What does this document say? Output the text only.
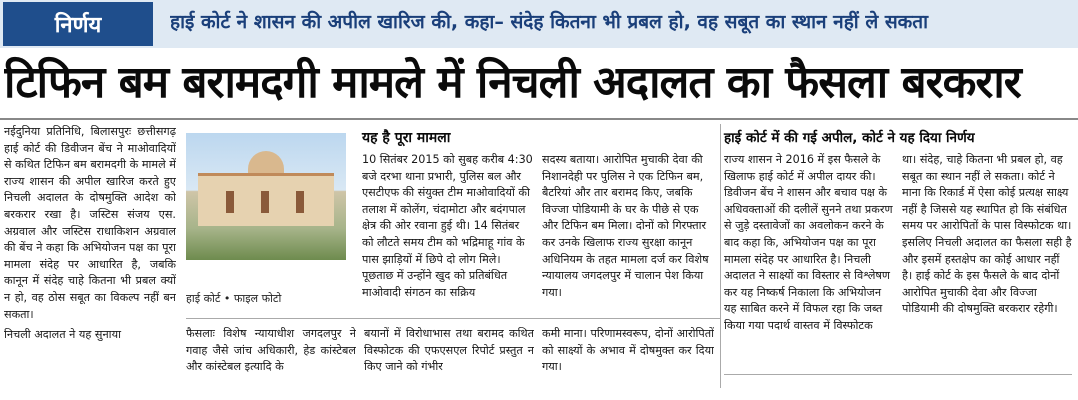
निर्णय	हाई कोर्ट ने शासन की अपील खारिज की, कहा– संदेह कितना भी प्रबल हो, वह सबूत का स्थान नहीं ले सकता
टिफिन बम बरामदगी मामले में निचली अदालत का फैसला बरकरार

नईदुनिया प्रतिनिधि, बिलासपुरः छत्तीसगढ़ हाई कोर्ट की डिवीजन बेंच ने माओवादियों से कथित टिफिन बम बरामदगी के मामले में राज्य शासन की अपील खारिज करते हुए निचली अदालत के दोषमुक्ति आदेश को बरकरार रखा है। जस्टिस संजय एस. अग्रवाल और जस्टिस राधाकिशन अग्रवाल की बेंच ने कहा कि अभियोजन पक्ष का पूरा मामला संदेह पर आधारित है, जबकि कानून में संदेह चाहे कितना भी प्रबल क्यों न हो, वह ठोस सबूत का विकल्प नहीं बन सकता।

निचली अदालत ने यह सुनाया

हाई कोर्ट • फाइल फोटो

फैसलाः विशेष न्यायाधीश जगदलपुर ने गवाह जैसे जांच अधिकारी, हेड कांस्टेबल और कांस्टेबल इत्यादि के

बयानों में विरोधाभास तथा बरामद कथित विस्फोटक की एफएसएल रिपोर्ट प्रस्तुत न किए जाने को गंभीर

यह है पूरा मामला

10 सितंबर 2015 को सुबह करीब 4:30 बजे दरभा थाना प्रभारी, पुलिस बल और एसटीएफ की संयुक्त टीम माओवादियों की तलाश में कोलेंग, चंदामोटा और बदंगपाल क्षेत्र की ओर रवाना हुई थी। 14 सितंबर को लौटते समय टीम को भद्रिमाहू गांव के पास झाड़ियों में छिपे दो लोग मिले। पूछताछ में उन्होंने खुद को प्रतिबंधित माओवादी संगठन का सक्रिय

सदस्य बताया। आरोपित मुचाकी देवा की निशानदेही पर पुलिस ने एक टिफिन बम, बैटरियां और तार बरामद किए, जबकि विज्जा पोडियामी के घर के पीछे से एक और टिफिन बम मिला। दोनों को गिरफ्तार कर उनके खिलाफ राज्य सुरक्षा कानून अधिनियम के तहत मामला दर्ज कर विशेष न्यायालय जगदलपुर में चालान पेश किया गया।

कमी माना। परिणामस्वरूप, दोनों आरोपितों को साक्ष्यों के अभाव में दोषमुक्त कर दिया गया।

हाई कोर्ट में की गई अपील, कोर्ट ने यह दिया निर्णय

राज्य शासन ने 2016 में इस फैसले के खिलाफ हाई कोर्ट में अपील दायर की। डिवीजन बेंच ने शासन और बचाव पक्ष के अधिवक्ताओं की दलीलें सुनने तथा प्रकरण से जुड़े दस्तावेजों का अवलोकन करने के बाद कहा कि, अभियोजन पक्ष का पूरा मामला संदेह पर आधारित है। निचली अदालत ने साक्ष्यों का विस्तार से विश्लेषण कर यह निष्कर्ष निकाला कि अभियोजन यह साबित करने में विफल रहा कि जब्त किया गया पदार्थ वास्तव में विस्फोटक

था। संदेह, चाहे कितना भी प्रबल हो, वह सबूत का स्थान नहीं ले सकता। कोर्ट ने माना कि रिकार्ड में ऐसा कोई प्रत्यक्ष साक्ष्य नहीं है जिससे यह स्थापित हो कि संबंधित समय पर आरोपितों के पास विस्फोटक था। इसलिए निचली अदालत का फैसला सही है और इसमें हस्तक्षेप का कोई आधार नहीं है। हाई कोर्ट के इस फैसले के बाद दोनों आरोपित मुचाकी देवा और विज्जा पोडियामी की दोषमुक्ति बरकरार रहेगी।
